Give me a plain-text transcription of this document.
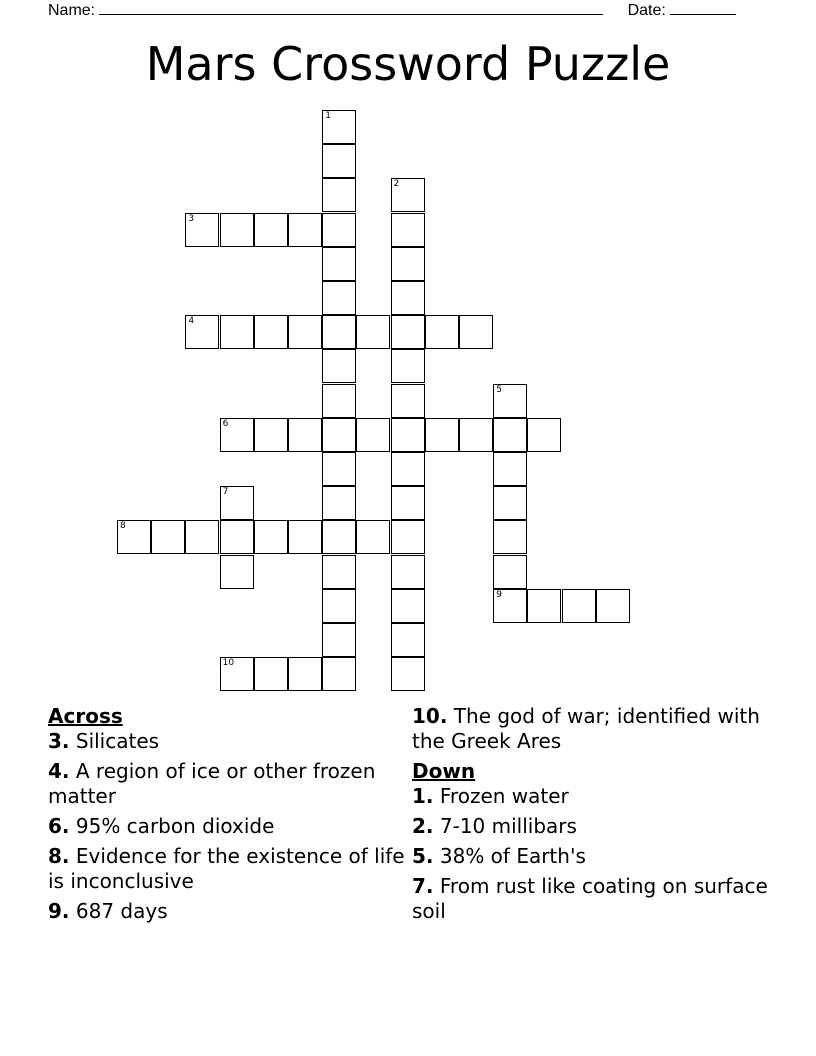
Name:	Date:
Mars Crossword Puzzle
1
2
3
4
5
9
6
7
8
10
Across
3. Silicates
4. A region of ice or other frozen matter
6. 95% carbon dioxide
8. Evidence for the existence of life is inconclusive
9. 687 days
10. The god of war; identified with the Greek Ares
Down
1. Frozen water
2. 7-10 millibars
5. 38% of Earth's
7. From rust like coating on surface soil
